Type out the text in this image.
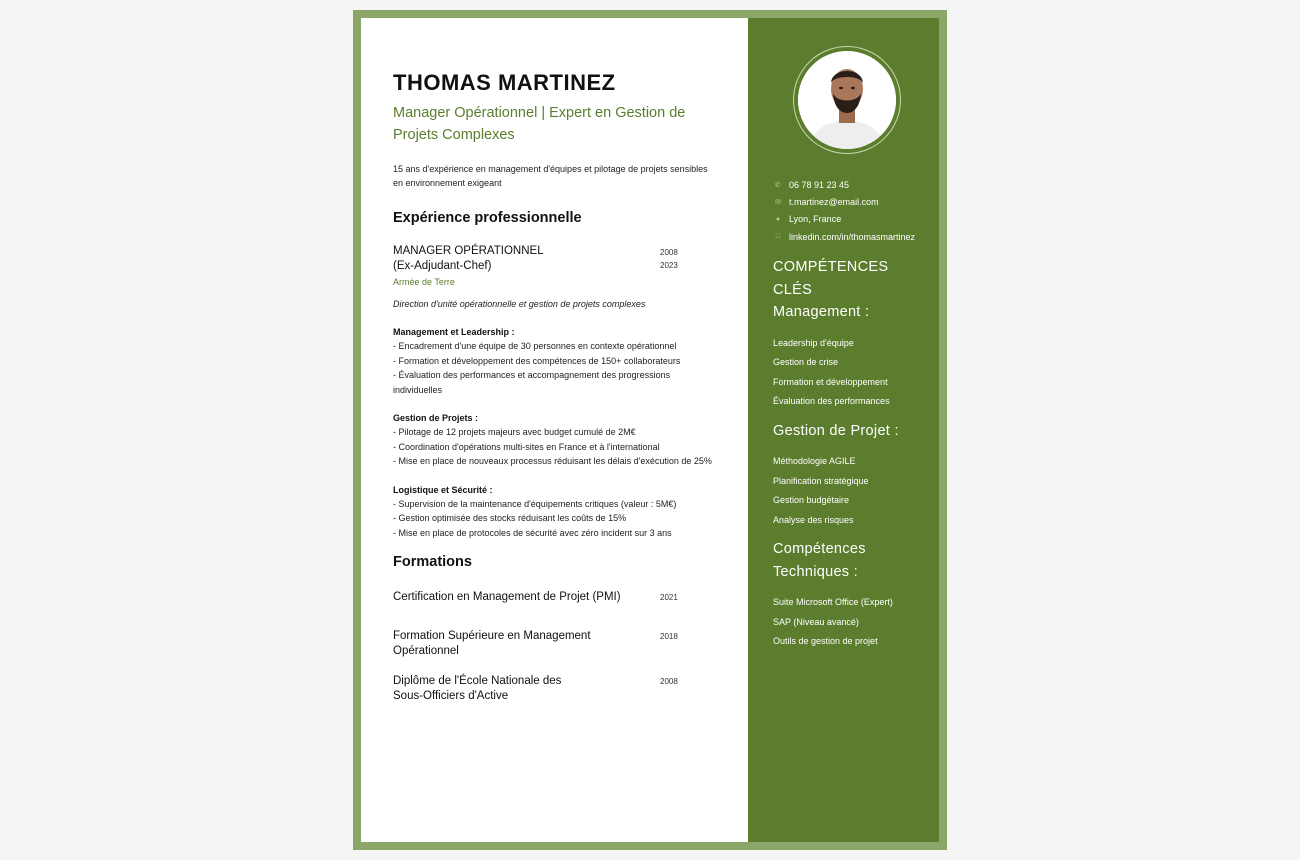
THOMAS MARTINEZ
Manager Opérationnel | Expert en Gestion de Projets Complexes
15 ans d'expérience en management d'équipes et pilotage de projets sensibles en environnement exigeant
Expérience professionnelle
MANAGER OPÉRATIONNEL
(Ex-Adjudant-Chef)
2008
2023
Armée de Terre
Direction d'unité opérationnelle et gestion de projets complexes
Management et Leadership :
- Encadrement d'une équipe de 30 personnes en contexte opérationnel
- Formation et développement des compétences de 150+ collaborateurs
- Évaluation des performances et accompagnement des progressions individuelles
Gestion de Projets :
- Pilotage de 12 projets majeurs avec budget cumulé de 2M€
- Coordination d'opérations multi-sites en France et à l'international
- Mise en place de nouveaux processus réduisant les délais d'exécution de 25%
Logistique et Sécurité :
- Supervision de la maintenance d'équipements critiques (valeur : 5M€)
- Gestion optimisée des stocks réduisant les coûts de 15%
- Mise en place de protocoles de sécurité avec zéro incident sur 3 ans
Formations
Certification en Management de Projet (PMI)	2021
Formation Supérieure en Management Opérationnel
2018
Diplôme de l'École Nationale des Sous-Officiers d'Active
2008
✆ 06 78 91 23 45
✉ t.martinez@email.com
● Lyon, France
□ linkedin.com/in/thomasmartinez
COMPÉTENCES
CLÉS
Management :
Leadership d'équipe
Gestion de crise
Formation et développement
Évaluation des performances
Gestion de Projet :
Méthodologie AGILE
Planification stratégique
Gestion budgétaire
Analyse des risques
Compétences Techniques :
Suite Microsoft Office (Expert)
SAP (Niveau avancé)
Outils de gestion de projet
